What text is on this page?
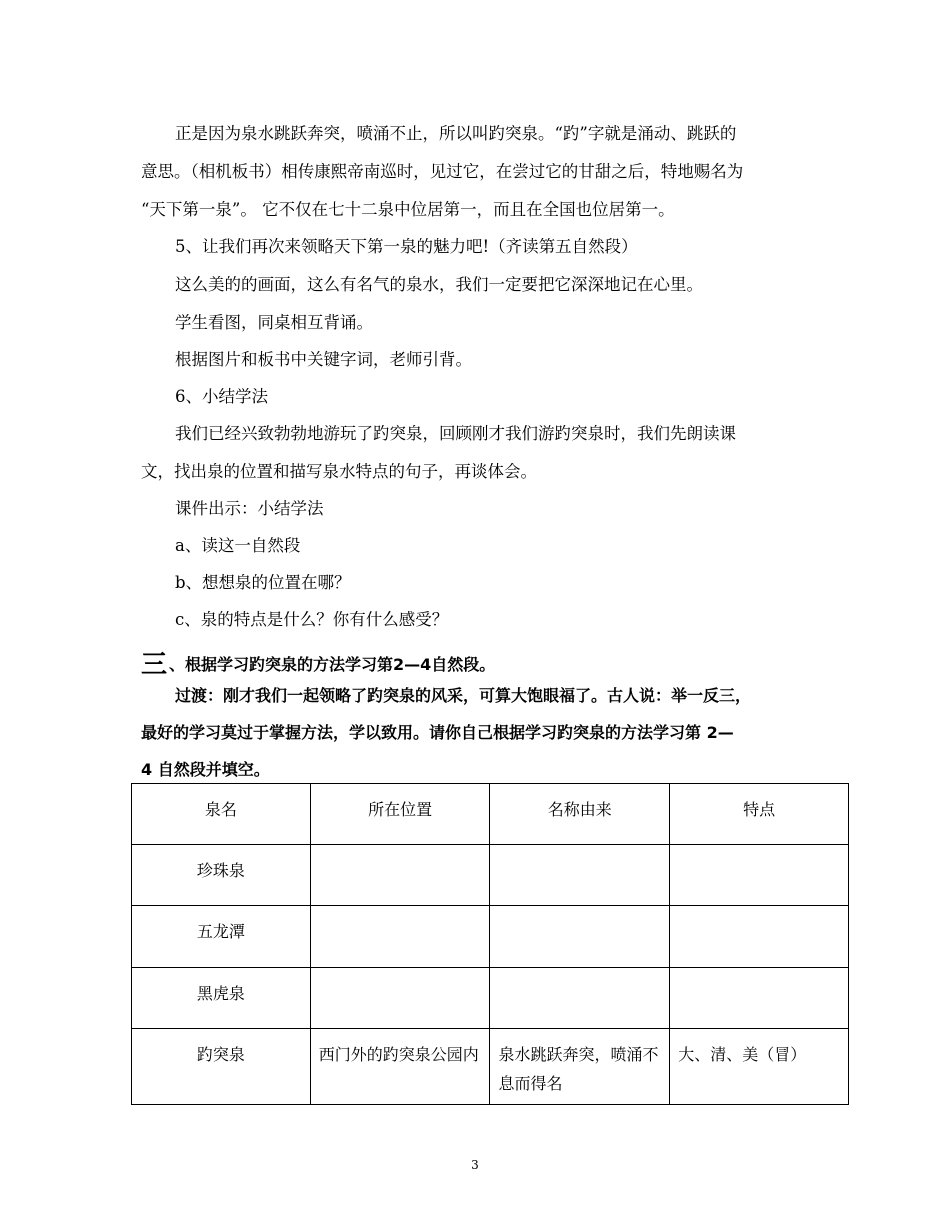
正是因为泉水跳跃奔突，喷涌不止，所以叫趵突泉。“趵”字就是涌动、跳跃的
意思。（相机板书）相传康熙帝南巡时，见过它，在尝过它的甘甜之后，特地赐名为
“天下第一泉”。 它不仅在七十二泉中位居第一，而且在全国也位居第一。
5、让我们再次来领略天下第一泉的魅力吧!（齐读第五自然段）
这么美的的画面，这么有名气的泉水，我们一定要把它深深地记在心里。
学生看图，同桌相互背诵。
根据图片和板书中关键字词，老师引背。
6、小结学法
我们已经兴致勃勃地游玩了趵突泉，回顾刚才我们游趵突泉时，我们先朗读课
文，找出泉的位置和描写泉水特点的句子，再谈体会。
课件出示：小结学法
a、读这一自然段
b、想想泉的位置在哪？
c、泉的特点是什么？你有什么感受？
三 、根据学习趵突泉的方法学习第2—4自然段。
过渡：刚才我们一起领略了趵突泉的风采，可算大饱眼福了。古人说：举一反三，
最好的学习莫过于掌握方法，学以致用。请你自己根据学习趵突泉的方法学习第 2—
4 自然段并填空。
泉名	所在位置	名称由来	特点

珍珠泉			

五龙潭			

黑虎泉			

趵突泉	西门外的趵突泉公园内	泉水跳跃奔突，喷涌不息而得名	大、清、美（冒）
3
